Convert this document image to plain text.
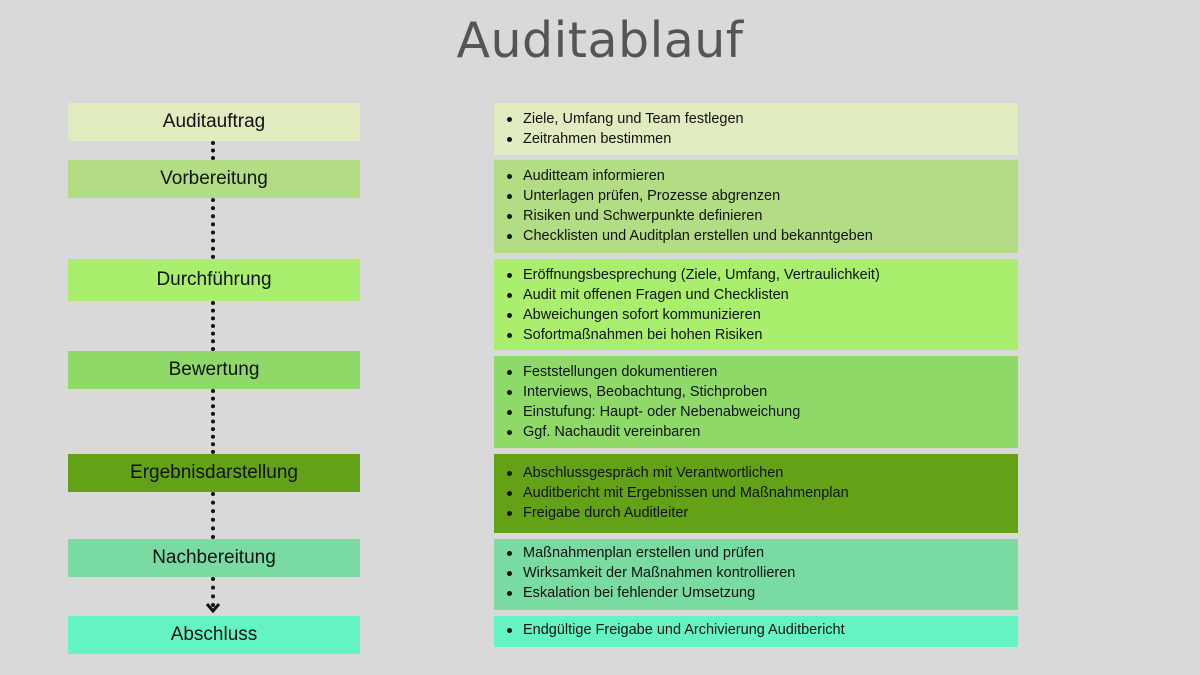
Auditablauf
Auditauftrag
Vorbereitung
Durchführung
Bewertung
Ergebnisdarstellung
Nachbereitung
Abschluss
Ziele, Umfang und Team festlegen
Zeitrahmen bestimmen
Auditteam informieren
Unterlagen prüfen, Prozesse abgrenzen
Risiken und Schwerpunkte definieren
Checklisten und Auditplan erstellen und bekanntgeben
Eröffnungsbesprechung (Ziele, Umfang, Vertraulichkeit)
Audit mit offenen Fragen und Checklisten
Abweichungen sofort kommunizieren
Sofortmaßnahmen bei hohen Risiken
Feststellungen dokumentieren
Interviews, Beobachtung, Stichproben
Einstufung: Haupt- oder Nebenabweichung
Ggf. Nachaudit vereinbaren
Abschlussgespräch mit Verantwortlichen
Auditbericht mit Ergebnissen und Maßnahmenplan
Freigabe durch Auditleiter
Maßnahmenplan erstellen und prüfen
Wirksamkeit der Maßnahmen kontrollieren
Eskalation bei fehlender Umsetzung
Endgültige Freigabe und Archivierung Auditbericht
